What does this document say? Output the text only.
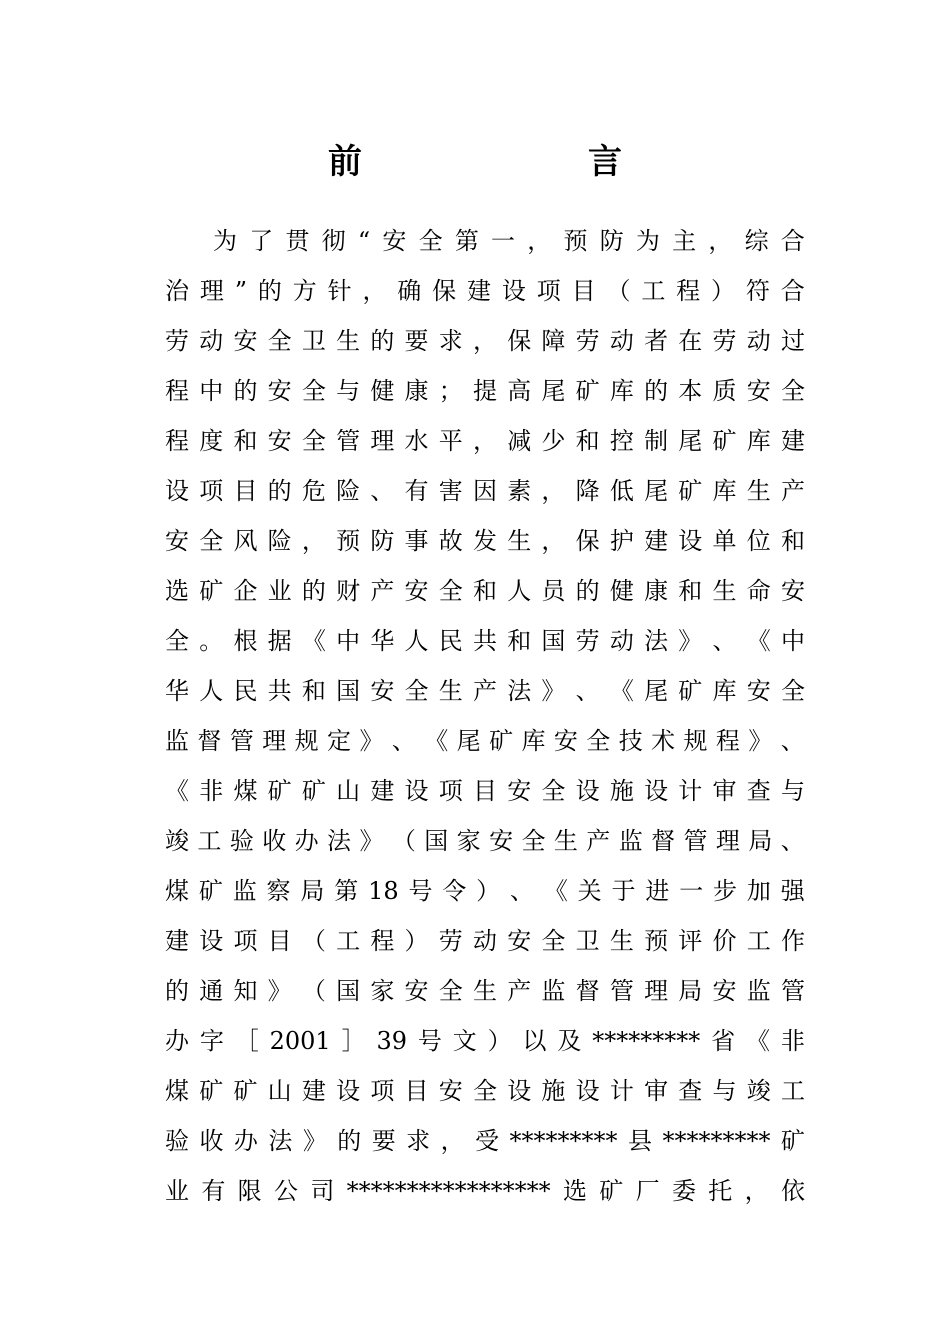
前　言
为 了 贯 彻 “ 安 全 第 一 ， 预 防 为 主 ， 综 合
治 理 ” 的 方 针 ， 确 保 建 设 项 目 （ 工 程 ） 符 合
劳 动 安 全 卫 生 的 要 求 ， 保 障 劳 动 者 在 劳 动 过
程 中 的 安 全 与 健 康 ； 提 高 尾 矿 库 的 本 质 安 全
程 度 和 安 全 管 理 水 平 ， 减 少 和 控 制 尾 矿 库 建
设 项 目 的 危 险 、 有 害 因 素 ， 降 低 尾 矿 库 生 产
安 全 风 险 ， 预 防 事 故 发 生 ， 保 护 建 设 单 位 和
选 矿 企 业 的 财 产 安 全 和 人 员 的 健 康 和 生 命 安
全 。 根 据 《 中 华 人 民 共 和 国 劳 动 法 》 、 《 中
华 人 民 共 和 国 安 全 生 产 法 》 、 《 尾 矿 库 安 全
监 督 管 理 规 定 》 、 《 尾 矿 库 安 全 技 术 规 程 》 、
《 非 煤 矿 矿 山 建 设 项 目 安 全 设 施 设 计 审 查 与
竣 工 验 收 办 法 》 （ 国 家 安 全 生 产 监 督 管 理 局 、
煤 矿 监 察 局 第 18 号 令 ） 、 《 关 于 进 一 步 加 强
建 设 项 目 （ 工 程 ） 劳 动 安 全 卫 生 预 评 价 工 作
的 通 知 》 （ 国 家 安 全 生 产 监 督 管 理 局 安 监 管
办 字 ［ 2001 ］ 39 号 文 ） 以 及 ********* 省 《 非
煤 矿 矿 山 建 设 项 目 安 全 设 施 设 计 审 查 与 竣 工
验 收 办 法 》 的 要 求 ， 受 ********* 县 ********* 矿
业 有 限 公 司 ***************** 选 矿 厂 委 托 ， 依
